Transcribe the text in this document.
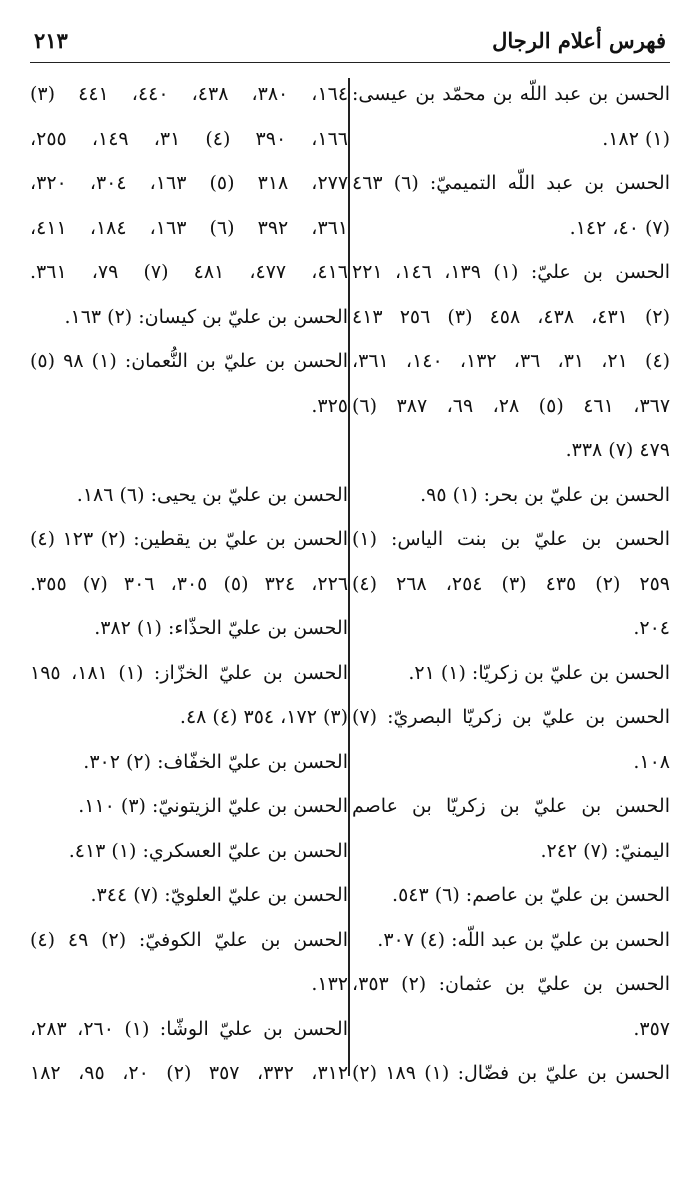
فهرس أعلام الرجال
٢١٣
الحسن بن عبد اللّه بن محمّد بن عيسى:
(١) ١٨٢.
الحسن بن عبد اللّه التميميّ: (٦) ٤٦٣
(٧) ٤٠، ١٤٢.
الحسن بن عليّ: (١) ١٣٩، ١٤٦، ٢٢١
(٢) ٤٣١، ٤٣٨، ٤٥٨ (٣) ٢٥٦ ٤١٣
(٤) ٢١، ٣١، ٣٦، ١٣٢، ١٤٠، ٣٦١،
٣٦٧، ٤٦١ (٥) ٢٨، ٦٩، ٣٨٧ (٦)
٤٧٩ (٧) ٣٣٨.
الحسن بن عليّ بن بحر: (١) ٩٥.
الحسن بن عليّ بن بنت الياس: (١)
٢٥٩ (٢) ٤٣٥ (٣) ٢٥٤، ٢٦٨ (٤)
٢٠٤.
الحسن بن عليّ بن زكريّا: (١) ٢١.
الحسن بن عليّ بن زكريّا البصريّ: (٧)
١٠٨.
الحسن بن عليّ بن زكريّا بن عاصم
اليمنيّ: (٧) ٢٤٢.
الحسن بن عليّ بن عاصم: (٦) ٥٤٣.
الحسن بن عليّ بن عبد اللّه: (٤) ٣٠٧.
الحسن بن عليّ بن عثمان: (٢) ٣٥٣،
٣٥٧.
الحسن بن عليّ بن فضّال: (١) ١٨٩ (٢)
١٦٤، ٣٨٠، ٤٣٨، ٤٤٠، ٤٤١ (٣)
١٦٦، ٣٩٠ (٤) ٣١، ١٤٩، ٢٥٥،
٢٧٧، ٣١٨ (٥) ١٦٣، ٣٠٤، ٣٢٠،
٣٦١، ٣٩٢ (٦) ١٦٣، ١٨٤، ٤١١،
٤١٦، ٤٧٧، ٤٨١ (٧) ٧٩، ٣٦١.
الحسن بن عليّ بن كيسان: (٢) ١٦٣.
الحسن بن عليّ بن النُّعمان: (١) ٩٨ (٥)
٣٢٥.
الحسن بن عليّ بن يحيى: (٦) ١٨٦.
الحسن بن عليّ بن يقطين: (٢) ١٢٣ (٤)
٢٢٦، ٣٢٤ (٥) ٣٠٥، ٣٠٦ (٧) ٣٥٥.
الحسن بن عليّ الحذّاء: (١) ٣٨٢.
الحسن بن عليّ الخزّاز: (١) ١٨١، ١٩٥
(٣) ١٧٢، ٣٥٤ (٤) ٤٨.
الحسن بن عليّ الخفّاف: (٢) ٣٠٢.
الحسن بن عليّ الزيتونيّ: (٣) ١١٠.
الحسن بن عليّ العسكري: (١) ٤١٣.
الحسن بن عليّ العلويّ: (٧) ٣٤٤.
الحسن بن عليّ الكوفيّ: (٢) ٤٩ (٤)
١٣٢.
الحسن بن عليّ الوشّا: (١) ٢٦٠، ٢٨٣،
٣١٢، ٣٣٢، ٣٥٧ (٢) ٢٠، ٩٥، ١٨٢
